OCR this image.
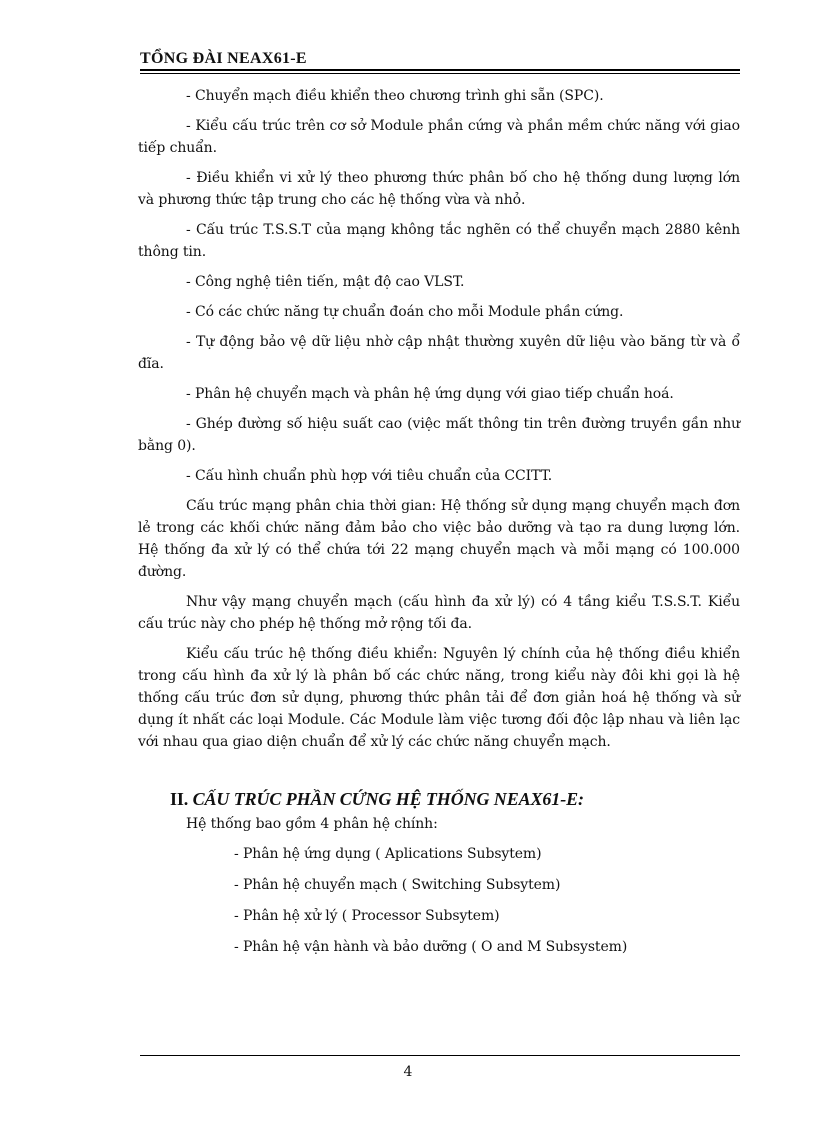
TỔNG ĐÀI NEAX61-E

- Chuyển mạch điều khiển theo chương trình ghi sẵn (SPC).

- Kiểu cấu trúc trên cơ sở Module phần cứng và phần mềm chức năng với giao tiếp chuẩn.

- Điều khiển vi xử lý theo phương thức phân bố cho hệ thống dung lượng lớn và phương thức tập trung cho các hệ thống vừa và nhỏ.

- Cấu trúc T.S.S.T của mạng không tắc nghẽn có thể chuyển mạch 2880 kênh thông tin.

- Công nghệ tiên tiến, mật độ cao VLST.

- Có các chức năng tự chuẩn đoán cho mỗi Module phần cứng.

- Tự động bảo vệ dữ liệu nhờ cập nhật thường xuyên dữ liệu vào băng từ và ổ đĩa.

- Phân hệ chuyển mạch và phân hệ ứng dụng với giao tiếp chuẩn hoá.

- Ghép đường số hiệu suất cao (việc mất thông tin trên đường truyền gần như bằng 0).

- Cấu hình chuẩn phù hợp với tiêu chuẩn của CCITT.

Cấu trúc mạng phân chia thời gian: Hệ thống sử dụng mạng chuyển mạch đơn lẻ trong các khối chức năng đảm bảo cho việc bảo dưỡng và tạo ra dung lượng lớn. Hệ thống đa xử lý có thể chứa tới 22 mạng chuyển mạch và mỗi mạng có 100.000 đường.

Như vậy mạng chuyển mạch (cấu hình đa xử lý) có 4 tầng kiểu T.S.S.T. Kiểu cấu trúc này cho phép hệ thống mở rộng tối đa.

Kiểu cấu trúc hệ thống điều khiển: Nguyên lý chính của hệ thống điều khiển trong cấu hình đa xử lý là phân bố các chức năng, trong kiểu này đôi khi gọi là hệ thống cấu trúc đơn sử dụng, phương thức phân tải để đơn giản hoá hệ thống và sử dụng ít nhất các loại Module. Các Module làm việc tương đối độc lập nhau và liên lạc với nhau qua giao diện chuẩn để xử lý các chức năng chuyển mạch.

II. CẤU TRÚC PHẦN CỨNG HỆ THỐNG NEAX61-E:

Hệ thống bao gồm 4 phân hệ chính:

- Phân hệ ứng dụng ( Aplications Subsytem)
- Phân hệ chuyển mạch ( Switching Subsytem)
- Phân hệ xử lý ( Processor Subsytem)
- Phân hệ vận hành và bảo dưỡng ( O and M Subsystem)
4
